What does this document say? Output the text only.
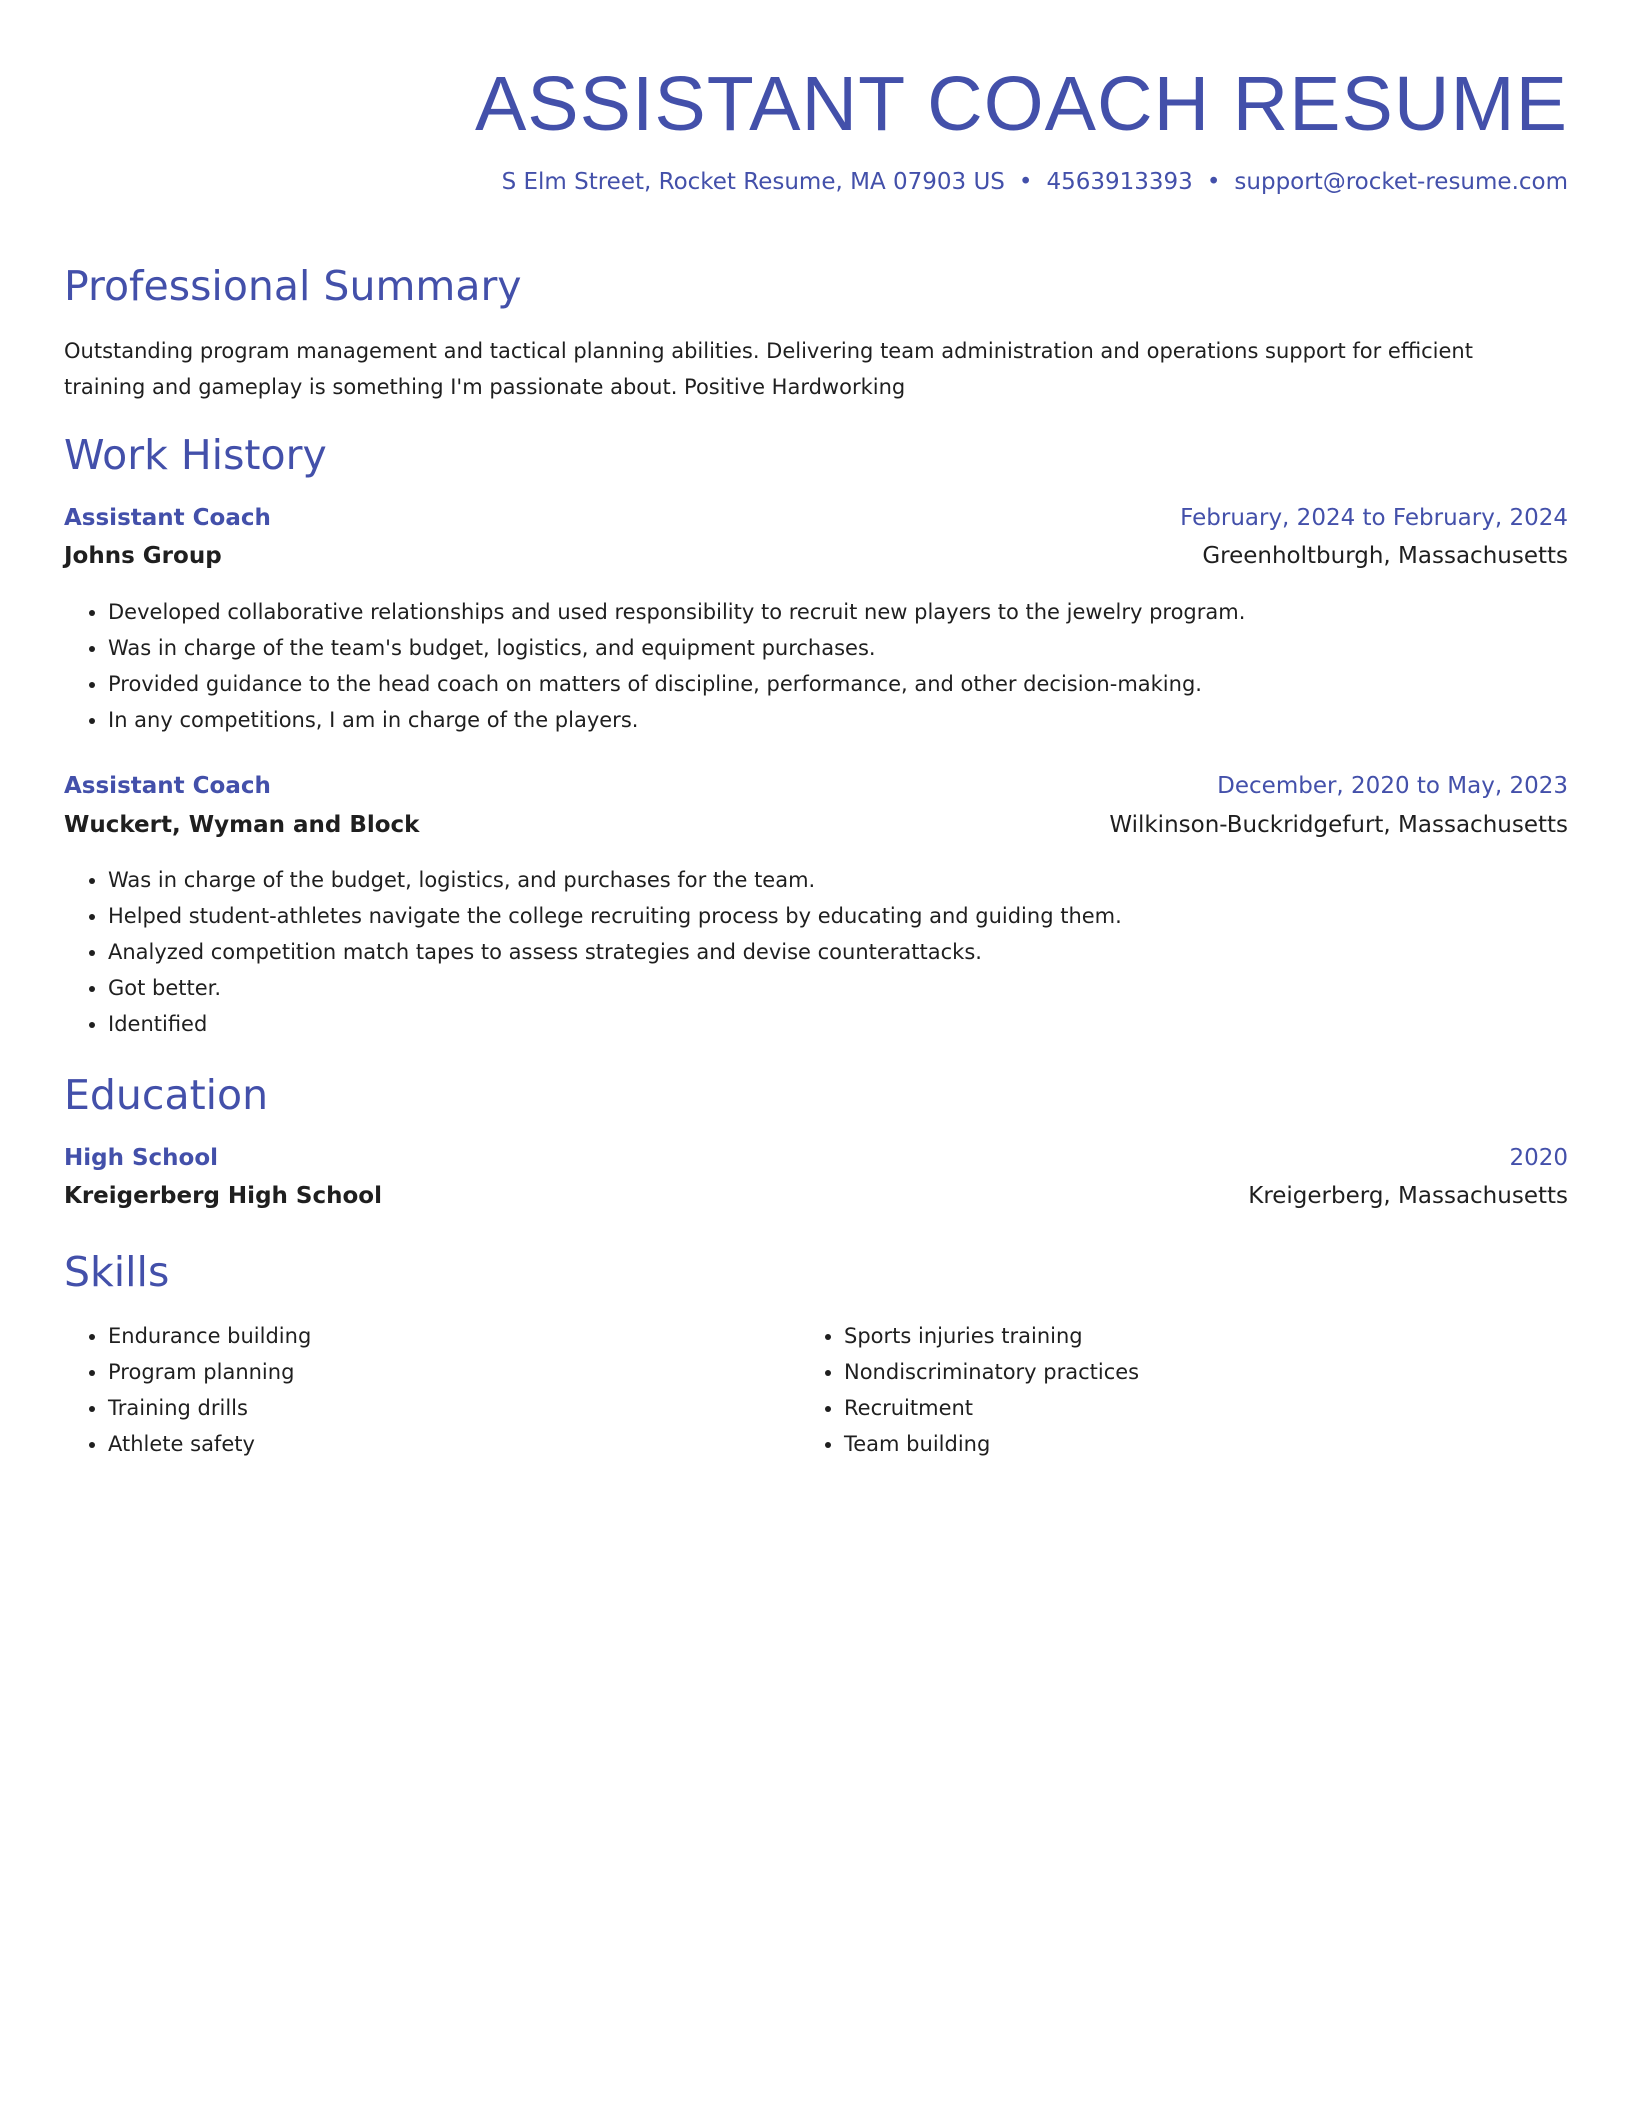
ASSISTANT COACH RESUME

S Elm Street, Rocket Resume, MA 07903 US • 4563913393 • support@rocket-resume.com

Professional Summary

Outstanding program management and tactical planning abilities. Delivering team administration and operations support for efficient training and gameplay is something I'm passionate about. Positive Hardworking

Work History
Assistant Coach	February, 2024 to February, 2024
Johns Group	Greenholtburgh, Massachusetts
• Developed collaborative relationships and used responsibility to recruit new players to the jewelry program.
• Was in charge of the team's budget, logistics, and equipment purchases.
• Provided guidance to the head coach on matters of discipline, performance, and other decision-making.
• In any competitions, I am in charge of the players.
Assistant Coach	December, 2020 to May, 2023
Wuckert, Wyman and Block	Wilkinson-Buckridgefurt, Massachusetts
• Was in charge of the budget, logistics, and purchases for the team.
• Helped student-athletes navigate the college recruiting process by educating and guiding them.
• Analyzed competition match tapes to assess strategies and devise counterattacks.
• Got better.
• Identified
Education
High School	2020
Kreigerberg High School	Kreigerberg, Massachusetts
Skills
• Endurance building
• Program planning
• Training drills
• Athlete safety
• Sports injuries training
• Nondiscriminatory practices
• Recruitment
• Team building
